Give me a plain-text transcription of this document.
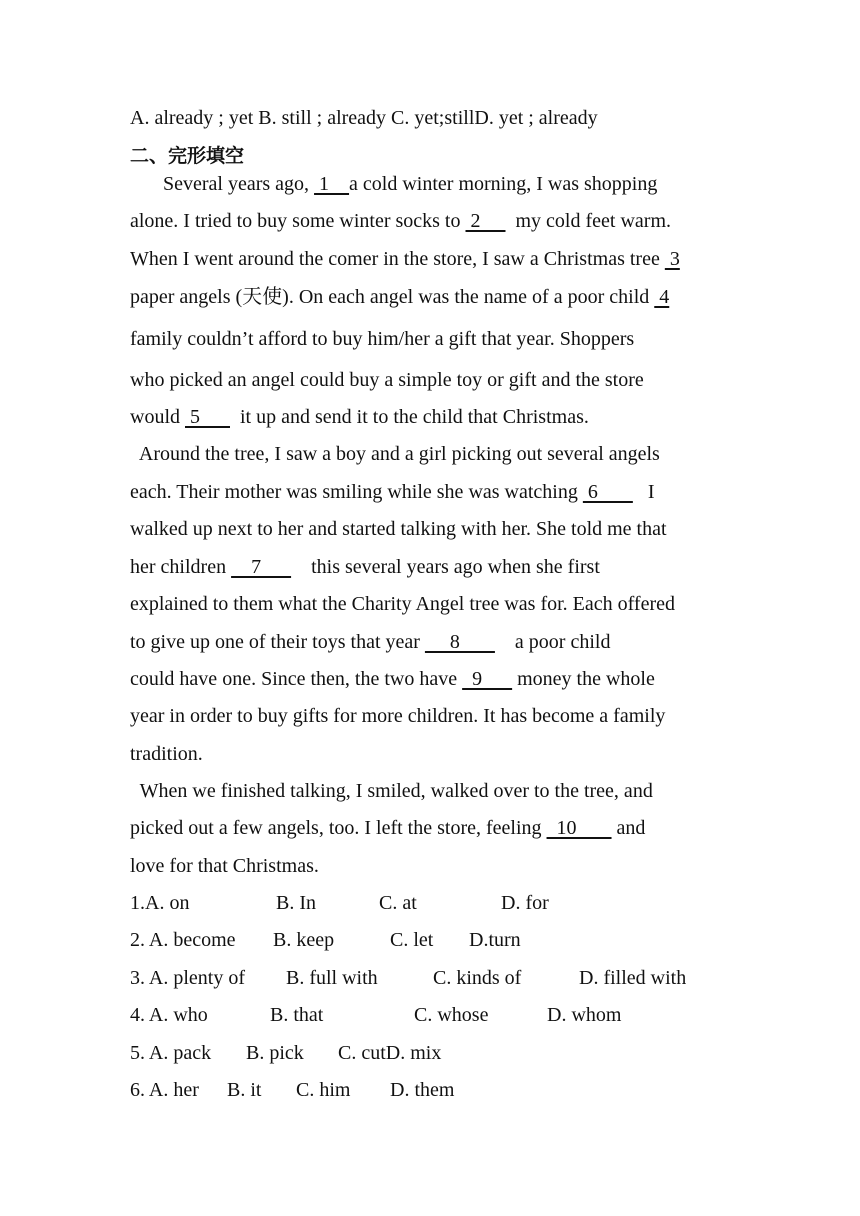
A. already ; yet B. still ; already C. yet;stillD. yet ; already
二、完形填空
Several years ago,  1    a cold winter morning, I was shopping
alone. I tried to buy some winter socks to  2       my cold feet warm.
When I went around the comer in the store, I saw a Christmas tree  3
paper angels (天使). On each angel was the name of a poor child  4
family couldn’t afford to buy him/her a gift that year. Shoppers
who picked an angel could buy a simple toy or gift and the store
would  5        it up and send it to the child that Christmas.
Around the tree, I saw a boy and a girl picking out several angels
each. Their mother was smiling while she was watching  6          I
walked up next to her and started talking with her. She told me that
her children     7          this several years ago when she first
explained to them what the Charity Angel tree was for. Each offered
to give up one of their toys that year      8           a poor child
could have one. Since then, the two have   9       money the whole
year in order to buy gifts for more children. It has become a family
tradition.
When we finished talking, I smiled, walked over to the tree, and
picked out a few angels, too. I left the store, feeling   10        and
love for that Christmas.
1.A. on	B. In	C. at	D. for
2. A. become B. keep	C. let D.turn
3. A. plenty of B. full with	C. kinds of	D. filled with
4. A. who	B. that	C. whose	D. whom
5. A. pack B. pick C. cutD. mix
6. A. her B. it C. him D. them
